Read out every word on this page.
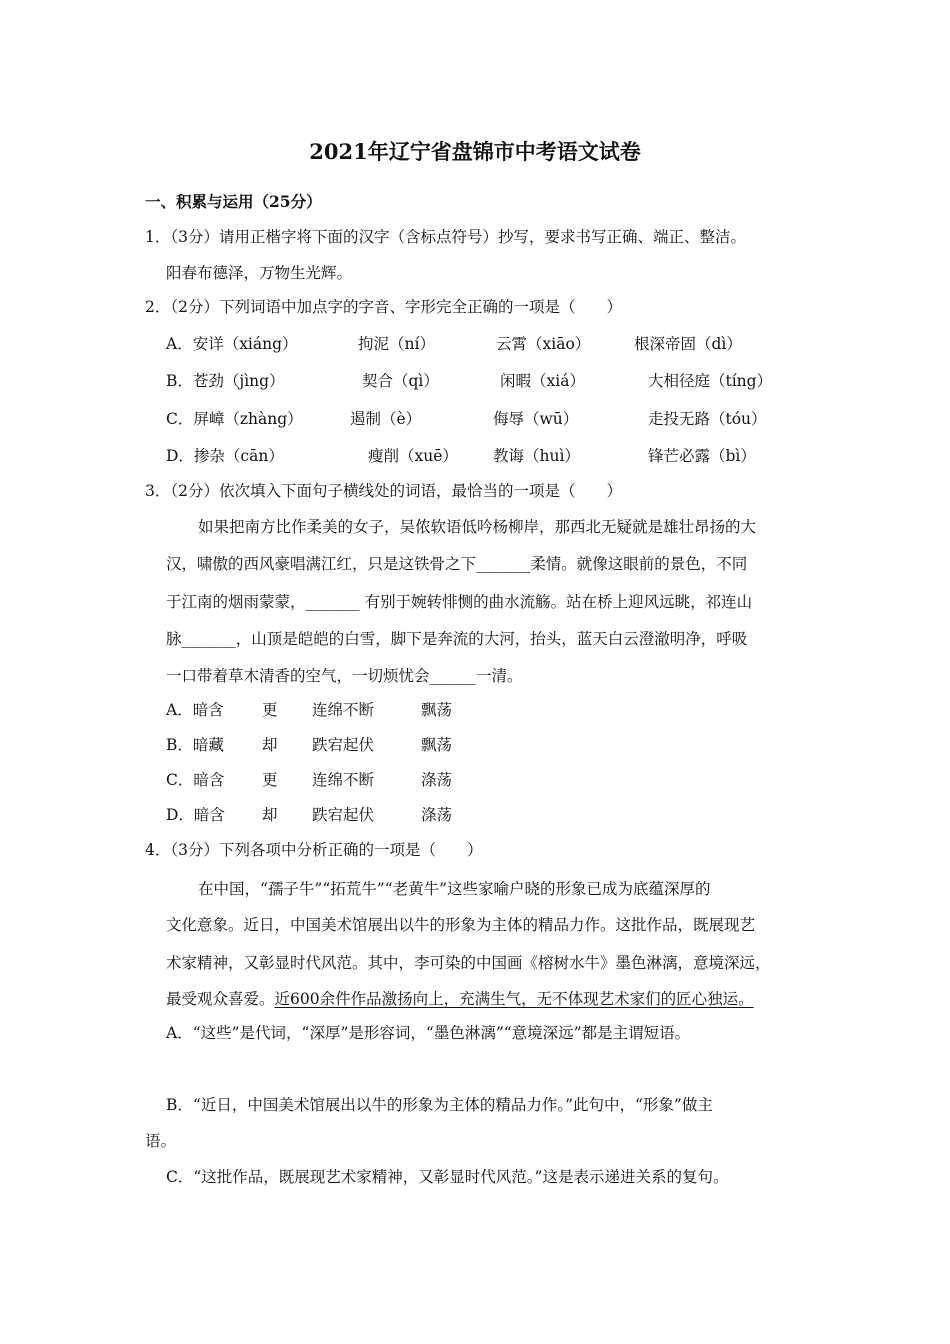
2021年辽宁省盘锦市中考语文试卷
一、积累与运用（25分）
1．（3分）请用正楷字将下面的汉字（含标点符号）抄写，要求书写正确、端正、整洁。
阳春布德泽，万物生光辉。
2．（2分）下列词语中加点字的字音、字形完全正确的一项是（　　）
A．安详（xiáng）	拘泥（ní）	云霄（xiāo）	根深帝固（dì）
B．苍劲（jìng）	契合（qì）	闲暇（xiá）	大相径庭（tíng）
C．屏嶂（zhàng）	遏制（è）	侮辱（wū）	走投无路（tóu）
D．掺杂（cān）	瘦削（xuē） 教诲（huì）	锋芒必露（bì）
3．（2分）依次填入下面句子横线处的词语，最恰当的一项是（　　）
如果把南方比作柔美的女子，吴侬软语低吟杨柳岸，那西北无疑就是雄壮昂扬的大
汉，啸傲的西风豪唱满江红，只是这铁骨之下_______柔情。就像这眼前的景色，不同
于江南的烟雨蒙蒙，_______ 有别于婉转悱恻的曲水流觞。站在桥上迎风远眺，祁连山
脉_______，山顶是皑皑的白雪，脚下是奔流的大河，抬头，蓝天白云澄澈明净，呼吸
一口带着草木清香的空气，一切烦忧会______一清。
A．暗含 更 连绵不断	飘荡
B．暗藏 却 跌宕起伏	飘荡
C．暗含 更 连绵不断	涤荡
D．暗含 却 跌宕起伏	涤荡
4．（3分）下列各项中分析正确的一项是（　　）
在中国，“孺子牛”“拓荒牛”“老黄牛”这些家喻户晓的形象已成为底蕴深厚的
文化意象。近日，中国美术馆展出以牛的形象为主体的精品力作。这批作品，既展现艺
术家精神，又彰显时代风范。其中，李可染的中国画《榕树水牛》墨色淋漓，意境深远，
最受观众喜爱。近600余件作品激扬向上，充满生气，无不体现艺术家们的匠心独运。
A．“这些”是代词，“深厚”是形容词，“墨色淋漓”“意境深远”都是主谓短语。
B．“近日，中国美术馆展出以牛的形象为主体的精品力作。”此句中，“形象”做主
语。
C．“这批作品，既展现艺术家精神，又彰显时代风范。”这是表示递进关系的复句。
